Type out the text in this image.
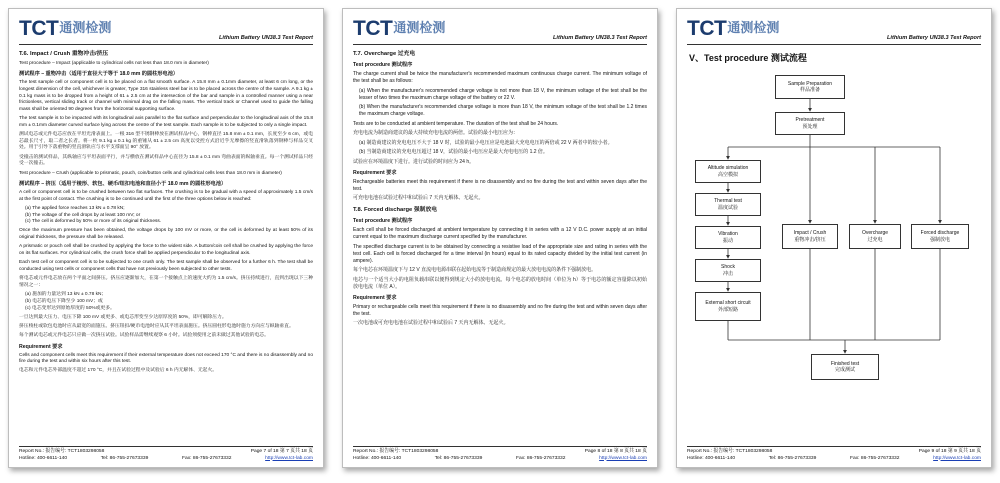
TCT通测检测
Lithium Battery UN38.3 Test Report
T.6. Impact / Crush 重物冲击/挤压
Test procedure – Impact (applicable to cylindrical cells not less than 18.0 mm in diameter)
测试程序 – 重物冲击（适用于直径大于等于 18.0 mm 的圆柱形电池）
The test sample cell or component cell is to be placed on a flat smooth surface. A 15.8 mm ± 0.1mm diameter, at least 6 cm long, or the longest dimension of the cell, whichever is greater, Type 316 stainless steel bar is to be placed across the centre of the sample. A 9.1 kg ± 0.1 kg mass is to be dropped from a height of 61 ± 2.5 cm at the intersection of the bar and sample in a controlled manner using a near frictionless, vertical sliding track or channel with minimal drag on the falling mass. The vertical track or Channel used to guide the falling mass shall be oriented 90 degrees from the horizontal supporting surface.
The test sample is to be impacted with its longitudinal axis parallel to the flat surface and perpendicular to the longitudinal axis of the 15.8 mm ± 0.1mm diameter curved surface lying across the centre of the test sample. Each sample is to be subjected to only a single impact.
测试电芯或元件电芯应放在平坦光滑表面上。一根 316 型不锈钢棒放在测试样品中心，钢棒直径 15.8 mm ± 0.1 mm，长度至少 6 cm，或电芯最长尺寸，取二者之长者。将一枚 9.1 kg ± 0.1 kg 的重锤从 61 ± 2.5 cm 高度以受控方式沿近乎无摩擦的竖直滑轨落到钢棒与样品交叉处。用于引导下落重物的竖直滑轨应与水平支撑面呈 90° 放置。
受撞击的测试样品，其纵轴应与平坦表面平行，并与横放在测试样品中心直径为 15.8 ± 0.1 mm 弯曲表面的纵轴垂直。每一个测试样品只经受一次撞击。
Test procedure – Crush (applicable to prismatic, pouch, coin/button cells and cylindrical cells less than 18.0 mm in diameter)
测试程序 – 挤压（适用于棱形、软包、硬币/纽扣电池和直径小于 18.0 mm 的圆柱形电池）
A cell or component cell is to be crushed between two flat surfaces. The crushing is to be gradual with a speed of approximately 1.5 cm/s at the first point of contact. The crushing is to be continued until the first of the three options below is reached:
(a) The applied force reaches 13 kN ± 0.78 kN;
(b) The voltage of the cell drops by at least 100 mV; or
(c) The cell is deformed by 50% or more of its original thickness.
Once the maximum pressure has been obtained, the voltage drops by 100 mV or more, or the cell is deformed by at least 50% of its original thickness, the pressure shall be released.
A prismatic or pouch cell shall be crushed by applying the force to the widest side. A button/coin cell shall be crushed by applying the force on its flat surfaces. For cylindrical cells, the crush force shall be applied perpendicular to the longitudinal axis.
Each test cell or component cell is to be subjected to one crush only. The test sample shall be observed for a further 6 h. The test shall be conducted using test cells or component cells that have not previously been subjected to other tests.
将电芯或元件电芯放在两个平面之间挤压。挤压应逐渐加大，在第一个接触点上的速度大约为 1.5 cm/s。挤压持续进行，直到出现以下三种情况之一：
(a) 施加的力量达到 13 kN ± 0.78 kN；
(b) 电芯的电压下降至少 100 mV；或
(c) 电芯变形达到原始厚度的 50%或更多。
一旦达到最大压力、电压下降 100 mV 或更多、或电芯形变至少达原厚度的 50%，即可解除压力。
挤压棱柱或软包电池时应从最宽的面施压。挤压钮扣/硬币电池时应从其平坦表面施压。挤压圆柱形电池时施力方向应与纵轴垂直。
每个测试电芯或元件电芯只应做一次挤压试验。试验样品需继续观察 6 小时。试验须使用之前未做过其他试验的电芯。
Requirement 要求
Cells and component cells meet this requirement if their external temperature does not exceed 170 °C and there is no disassembly and no fire during the test and within six hours after this test.
电芯和元件电芯外部温度不超过 170 °C，并且在试验过程中及试验后 6 h 内无解体、无起火。
Report No.: 报告编号: TCT1803298058	Page 7 of 18 第 7 页共 18 页
Hotline: 400-6611-140	Tel: 86-755-27673339	Fax: 86-755-27673332	http://www.tct-lab.com
TCT通测检测
Lithium Battery UN38.3 Test Report
T.7. Overcharge 过充电
Test procedure 测试程序
The charge current shall be twice the manufacturer's recommended maximum continuous charge current. The minimum voltage of the test shall be as follows:
(a) When the manufacturer's recommended charge voltage is not more than 18 V, the minimum voltage of the test shall be the lesser of two times the maximum charge voltage of the battery or 22 V.
(b) When the manufacturer's recommended charge voltage is more than 18 V, the minimum voltage of the test shall be 1.2 times the maximum charge voltage.
Tests are to be conducted at ambient temperature. The duration of the test shall be 24 hours.
充电电流为制造商建议的最大持续充电电流的两倍。试验的最小电压应为：
(a) 制造商建议的充电电压不大于 18 V 时，试验的最小电压应是电池最大充电电压的两倍或 22 V 两者中的较小者。
(b) 当制造商建议的充电电压超过 18 V，试验的最小电压应是最大充电电压的 1.2 倍。
试验应在环境温度下进行。进行试验的时间应为 24 h。
Requirement 要求
Rechargeable batteries meet this requirement if there is no disassembly and no fire during the test and within seven days after the test.
可充电电池在试验过程中和试验后 7 天内无解体、无起火。
T.8. Forced discharge 强制放电
Test procedure 测试程序
Each cell shall be forced discharged at ambient temperature by connecting it in series with a 12 V D.C. power supply at an initial current equal to the maximum discharge current specified by the manufacturer.
The specified discharge current is to be obtained by connecting a resistive load of the appropriate size and rating in series with the test cell. Each cell is forced discharged for a time interval (in hours) equal to its rated capacity divided by the initial test current (in ampere).
每个电芯在环境温度下与 12 V 直流电电源串联在起始电流等于制造商规定的最大放电电流的条件下强制放电。
电芯与一个适当大小的电阻负载串联以便得到规定大小的放电电流。每个电芯的放电时间（单位为 h）等于电芯的额定容量除以初始放电电流（单位 A）。
Requirement 要求
Primary or rechargeable cells meet this requirement if there is no disassembly and no fire during the test and within seven days after the test.
一次电池或可充电电池在试验过程中和试验后 7 天内无解体、无起火。
Report No.: 报告编号: TCT1803298058	Page 8 of 18 第 8 页共 18 页
Hotline: 400-6611-140	Tel: 86-755-27673339	Fax: 86-755-27673332	http://www.tct-lab.com
TCT通测检测
Lithium Battery UN38.3 Test Report
V、Test procedure 测试流程
Sample Preparation
样品准备
Pretreatment
预处理
Altitude simulation
高空模拟
Thermal test
温度试验
Vibration
振动
Shock
冲击
External short circuit
外部短路
Impact / Crush
重物冲击/挤压
Overcharge
过充电
Forced discharge
强制放电
Finished test
完成测试
Report No.: 报告编号: TCT1803298058	Page 9 of 18 第 9 页共 18 页
Hotline: 400-6611-140	Tel: 86-755-27673339	Fax: 86-755-27673332	http://www.tct-lab.com
